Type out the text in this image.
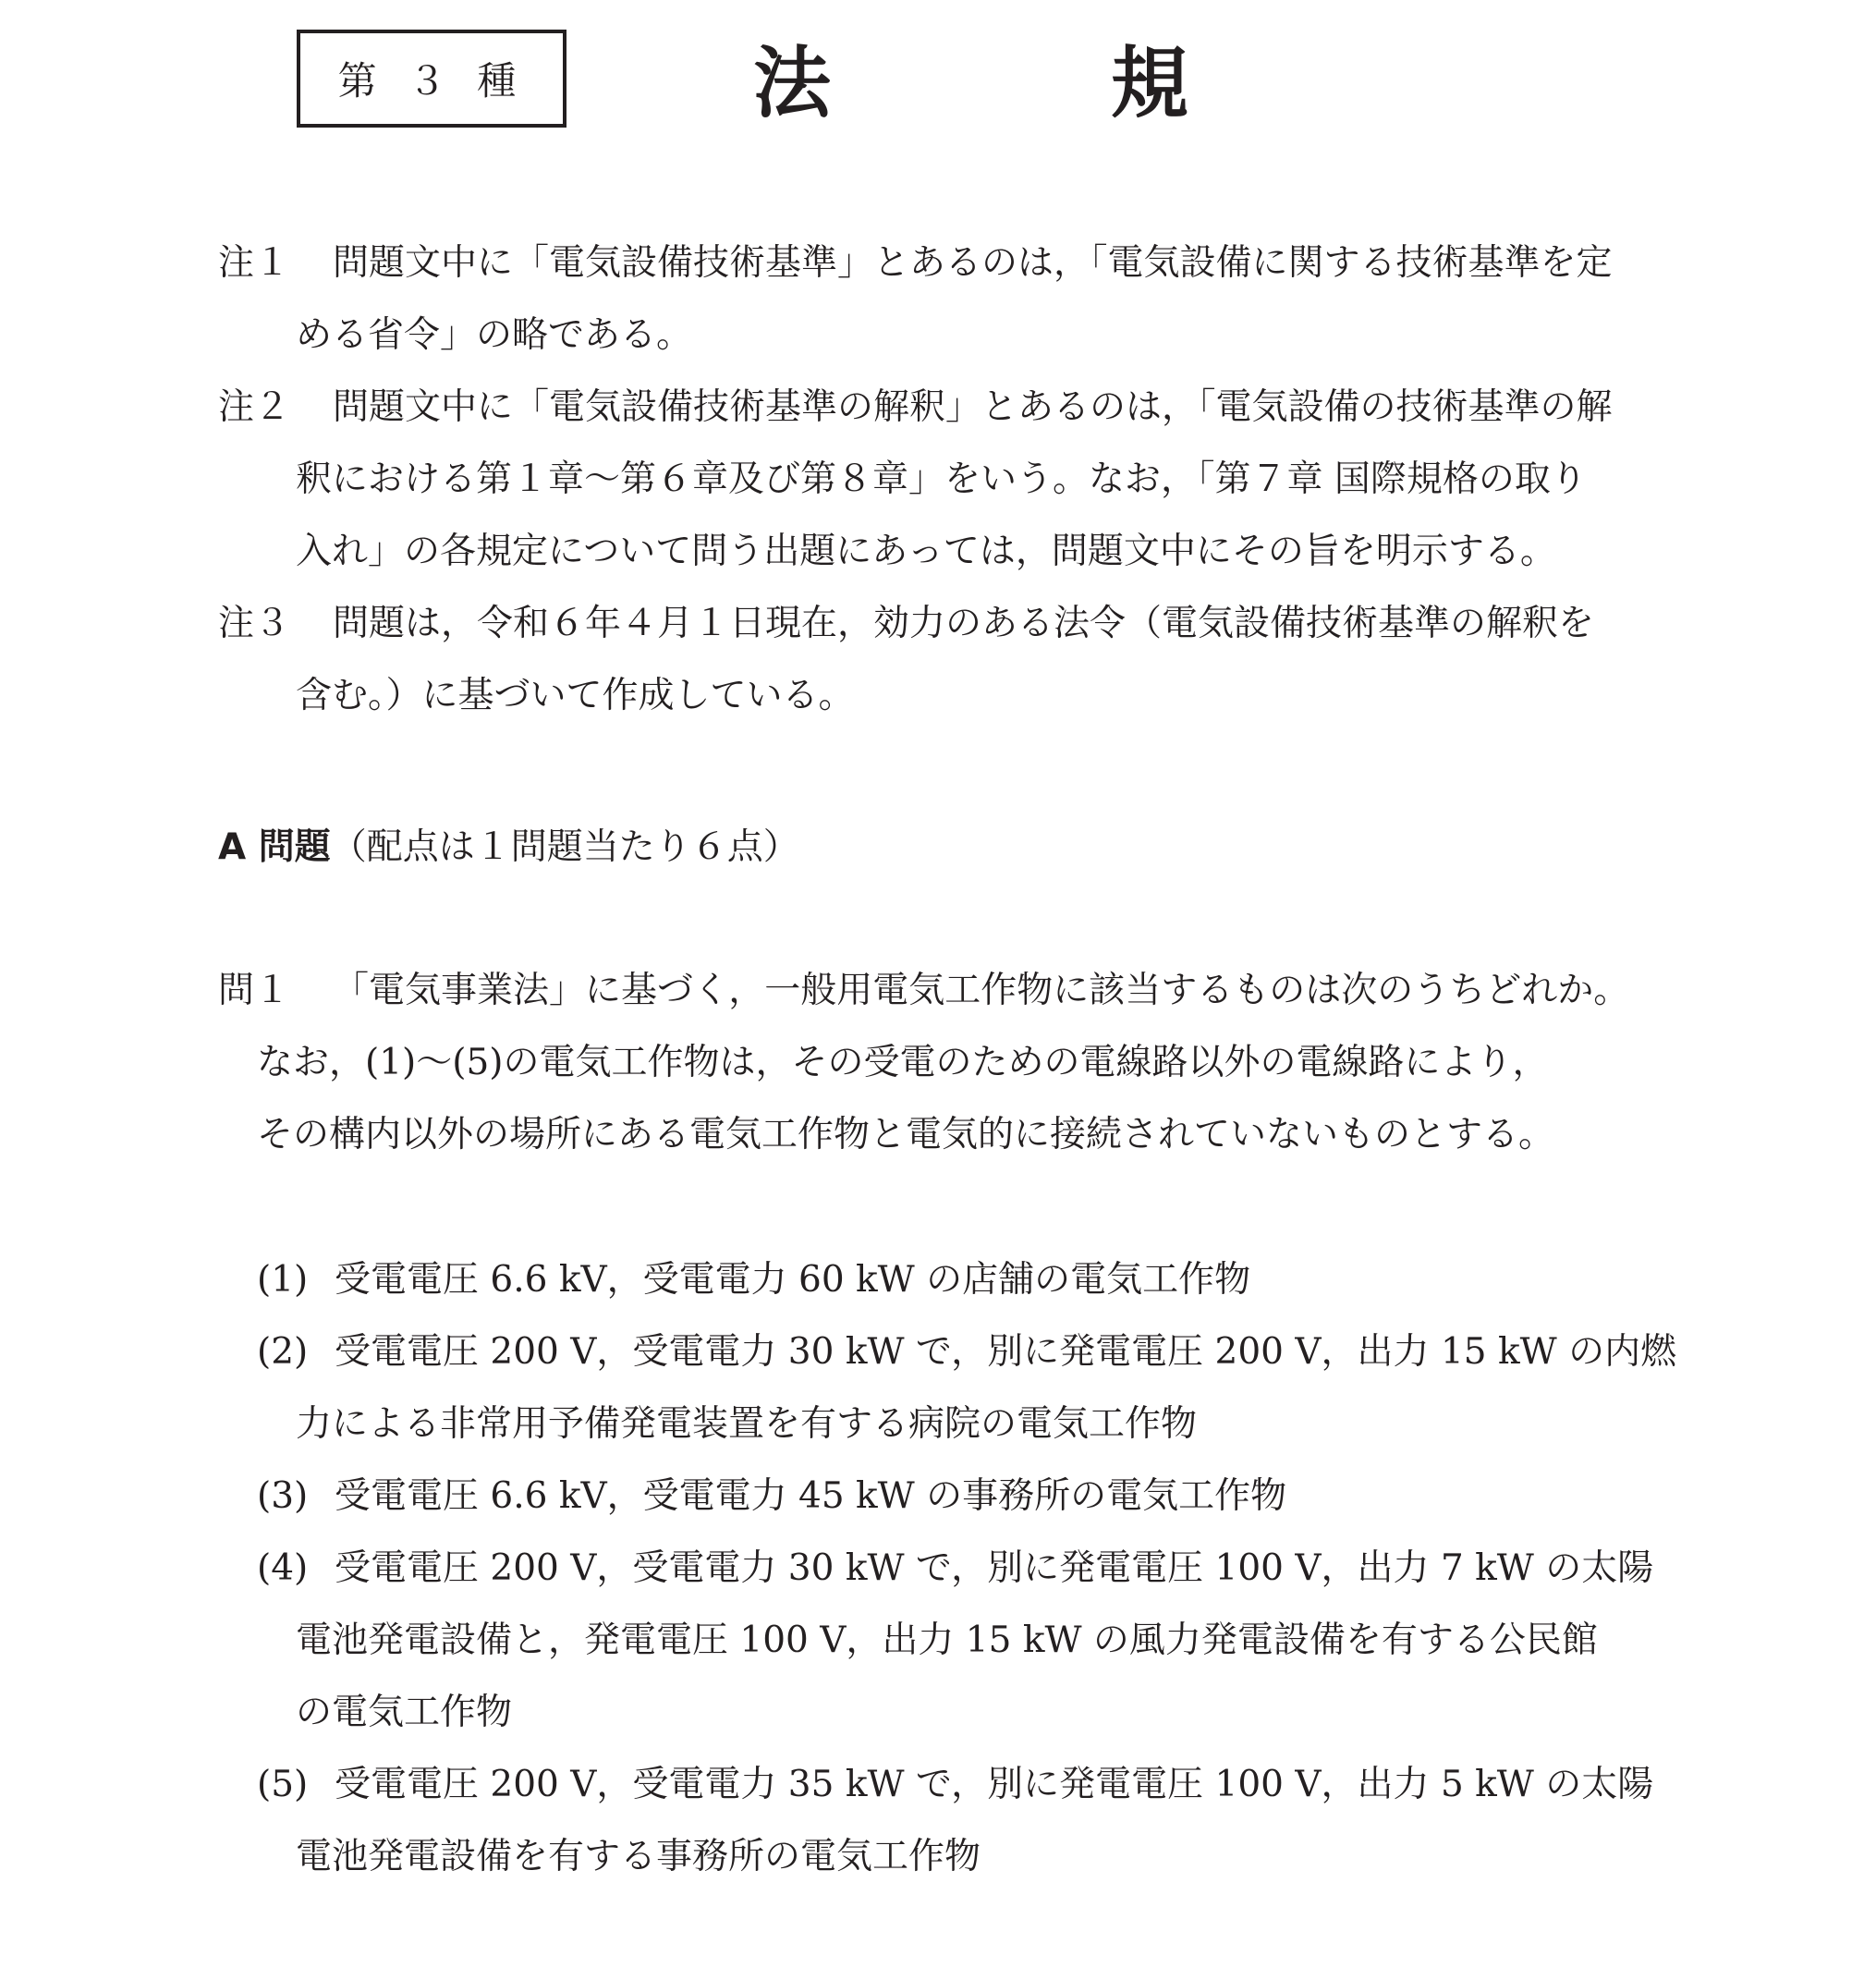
第 ３ 種	法	規
注１ 問題文中に「電気設備技術基準」とあるのは，「電気設備に関する技術基準を定
める省令」の略である。
注２ 問題文中に「電気設備技術基準の解釈」とあるのは，「電気設備の技術基準の解
釈における第１章〜第６章及び第８章」をいう。なお，「第７章 国際規格の取り
入れ」の各規定について問う出題にあっては，問題文中にその旨を明示する。
注３ 問題は，令和６年４月１日現在，効力のある法令（電気設備技術基準の解釈を
含む。）に基づいて作成している。
A 問題（配点は１問題当たり６点）
問１ 「電気事業法」に基づく，一般用電気工作物に該当するものは次のうちどれか。
なお，(1)〜(5)の電気工作物は，その受電のための電線路以外の電線路により，
その構内以外の場所にある電気工作物と電気的に接続されていないものとする。
(1) 受電電圧 6.6 kV，受電電力 60 kW の店舗の電気工作物
(2) 受電電圧 200 V，受電電力 30 kW で，別に発電電圧 200 V，出力 15 kW の内燃
力による非常用予備発電装置を有する病院の電気工作物
(3) 受電電圧 6.6 kV，受電電力 45 kW の事務所の電気工作物
(4) 受電電圧 200 V，受電電力 30 kW で，別に発電電圧 100 V，出力 7 kW の太陽
電池発電設備と，発電電圧 100 V，出力 15 kW の風力発電設備を有する公民館
の電気工作物
(5) 受電電圧 200 V，受電電力 35 kW で，別に発電電圧 100 V，出力 5 kW の太陽
電池発電設備を有する事務所の電気工作物
